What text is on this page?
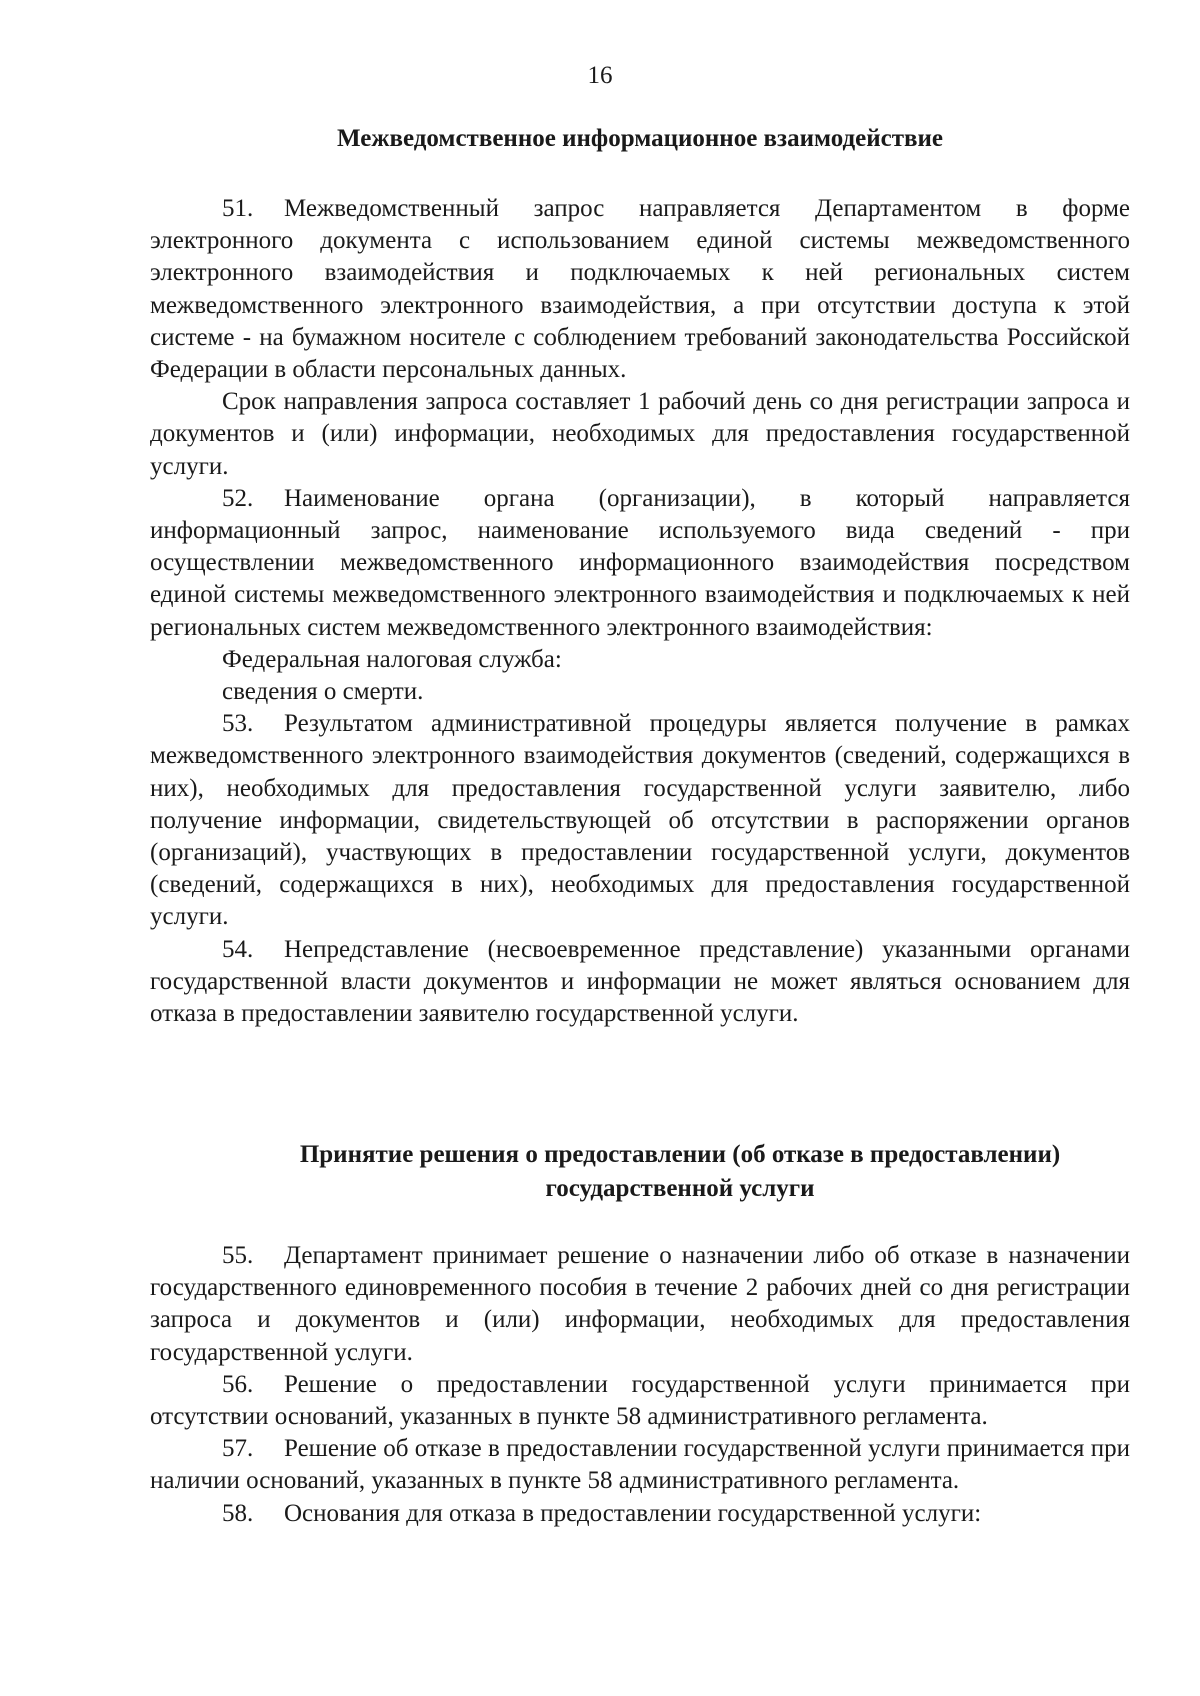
16
Межведомственное информационное взаимодействие

51. Межведомственный запрос направляется Департаментом в форме электронного документа с использованием единой системы межведомственного электронного взаимодействия и подключаемых к ней региональных систем межведомственного электронного взаимодействия, а при отсутствии доступа к этой системе - на бумажном носителе с соблюдением требований законодательства Российской Федерации в области персональных данных.

Срок направления запроса составляет 1 рабочий день со дня регистрации запроса и документов и (или) информации, необходимых для предоставления государственной услуги.

52. Наименование органа (организации), в который направляется информационный запрос, наименование используемого вида сведений - при осуществлении межведомственного информационного взаимодействия посредством единой системы межведомственного электронного взаимодействия и подключаемых к ней региональных систем межведомственного электронного взаимодействия:

Федеральная налоговая служба:

сведения о смерти.

53. Результатом административной процедуры является получение в рамках межведомственного электронного взаимодействия документов (сведений, содержащихся в них), необходимых для предоставления государственной услуги заявителю, либо получение информации, свидетельствующей об отсутствии в распоряжении органов (организаций), участвующих в предоставлении государственной услуги, документов (сведений, содержащихся в них), необходимых для предоставления государственной услуги.

54. Непредставление (несвоевременное представление) указанными органами государственной власти документов и информации не может являться основанием для отказа в предоставлении заявителю государственной услуги.

Принятие решения о предоставлении (об отказе в предоставлении)
государственной услуги

55. Департамент принимает решение о назначении либо об отказе в назначении государственного единовременного пособия в течение 2 рабочих дней со дня регистрации запроса и документов и (или) информации, необходимых для предоставления государственной услуги.

56. Решение о предоставлении государственной услуги принимается при отсутствии оснований, указанных в пункте 58 административного регламента.

57. Решение об отказе в предоставлении государственной услуги принимается при наличии оснований, указанных в пункте 58 административного регламента.

58. Основания для отказа в предоставлении государственной услуги:
